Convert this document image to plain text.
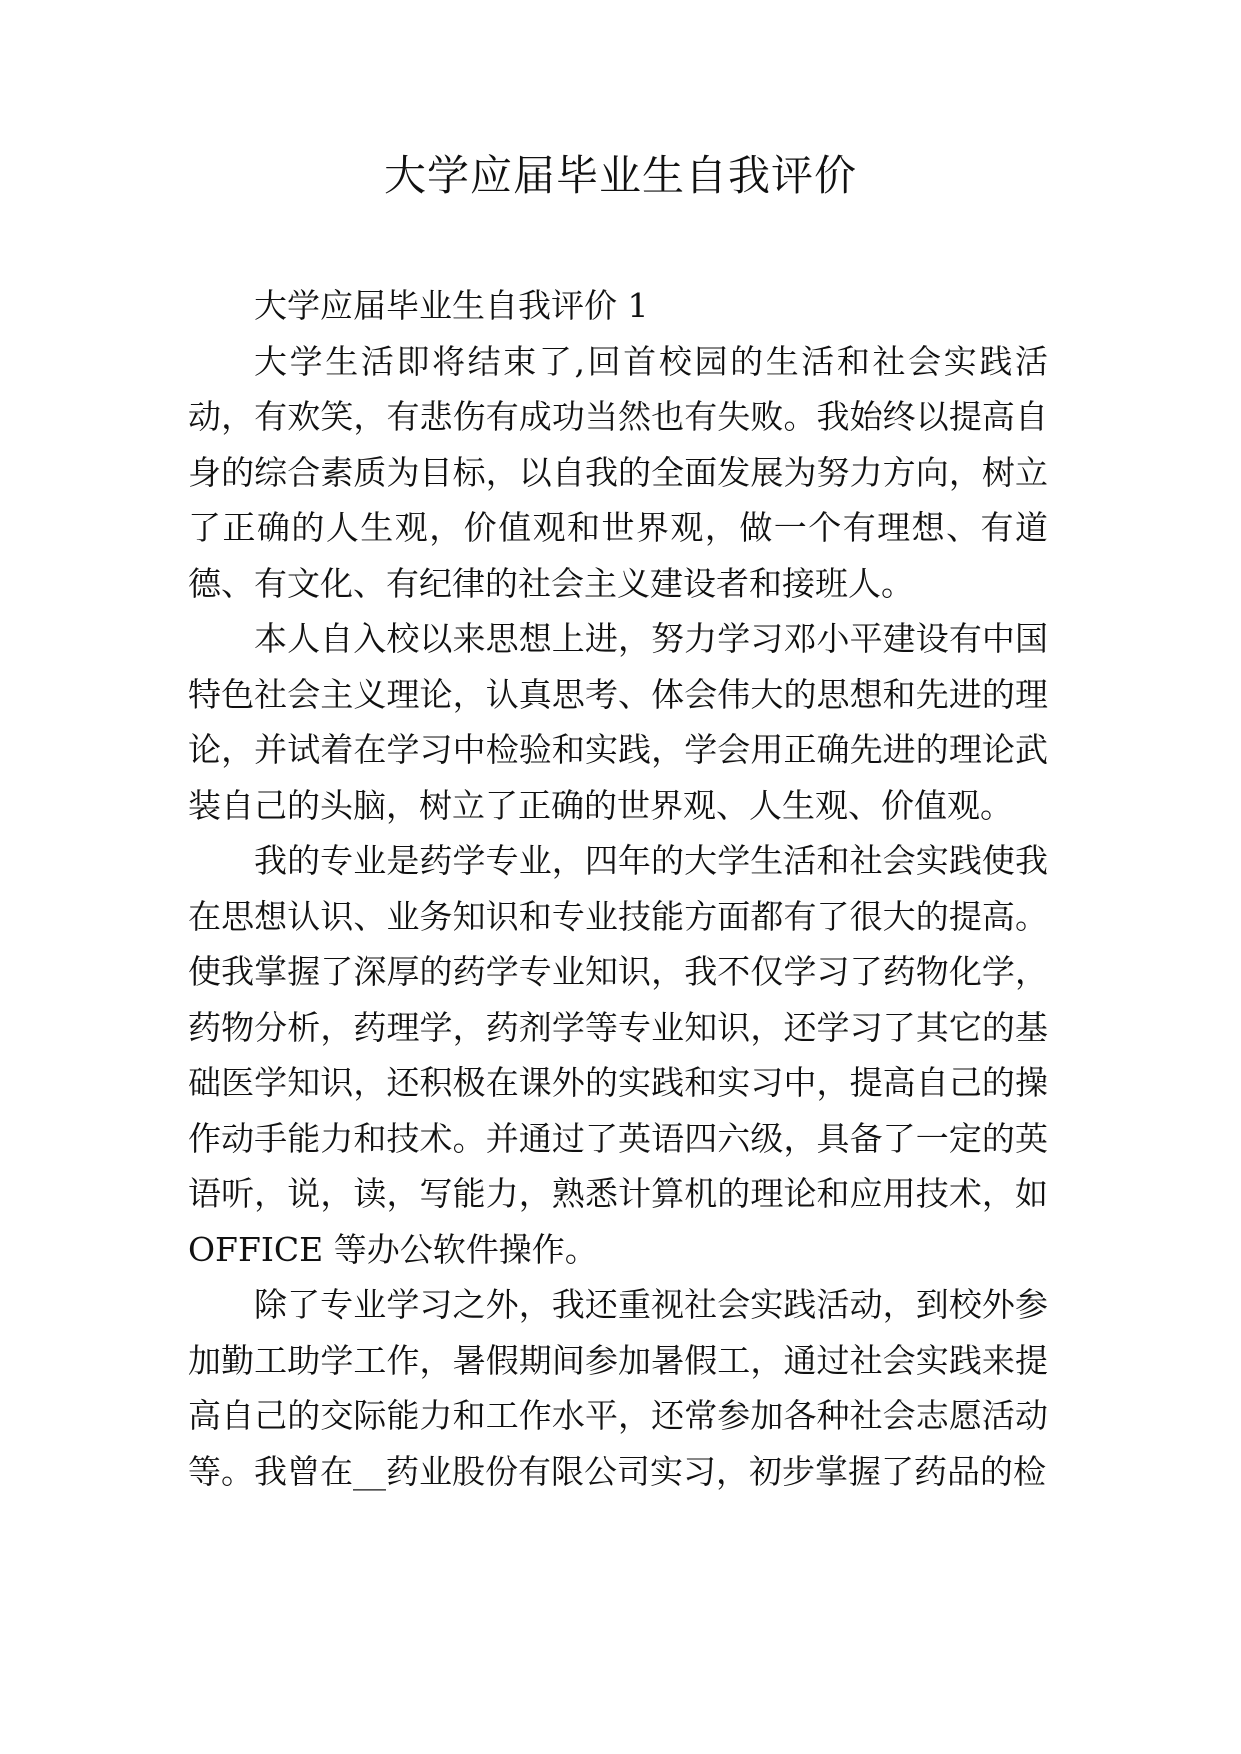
大学应届毕业生自我评价

大学应届毕业生自我评价 1

大学生活即将结束了,回首校园的生活和社会实践活动，有欢笑，有悲伤有成功当然也有失败。我始终以提高自身的综合素质为目标，以自我的全面发展为努力方向，树立了正确的人生观，价值观和世界观，做一个有理想、有道德、有文化、有纪律的社会主义建设者和接班人。

本人自入校以来思想上进，努力学习邓小平建设有中国特色社会主义理论，认真思考、体会伟大的思想和先进的理论，并试着在学习中检验和实践，学会用正确先进的理论武装自己的头脑，树立了正确的世界观、人生观、价值观。

我的专业是药学专业，四年的大学生活和社会实践使我在思想认识、业务知识和专业技能方面都有了很大的提高。使我掌握了深厚的药学专业知识，我不仅学习了药物化学，药物分析，药理学，药剂学等专业知识，还学习了其它的基础医学知识，还积极在课外的实践和实习中，提高自己的操作动手能力和技术。并通过了英语四六级，具备了一定的英语听，说，读，写能力，熟悉计算机的理论和应用技术，如 OFFICE 等办公软件操作。

除了专业学习之外，我还重视社会实践活动，到校外参加勤工助学工作，暑假期间参加暑假工，通过社会实践来提高自己的交际能力和工作水平，还常参加各种社会志愿活动等。我曾在__药业股份有限公司实习，初步掌握了药品的检
